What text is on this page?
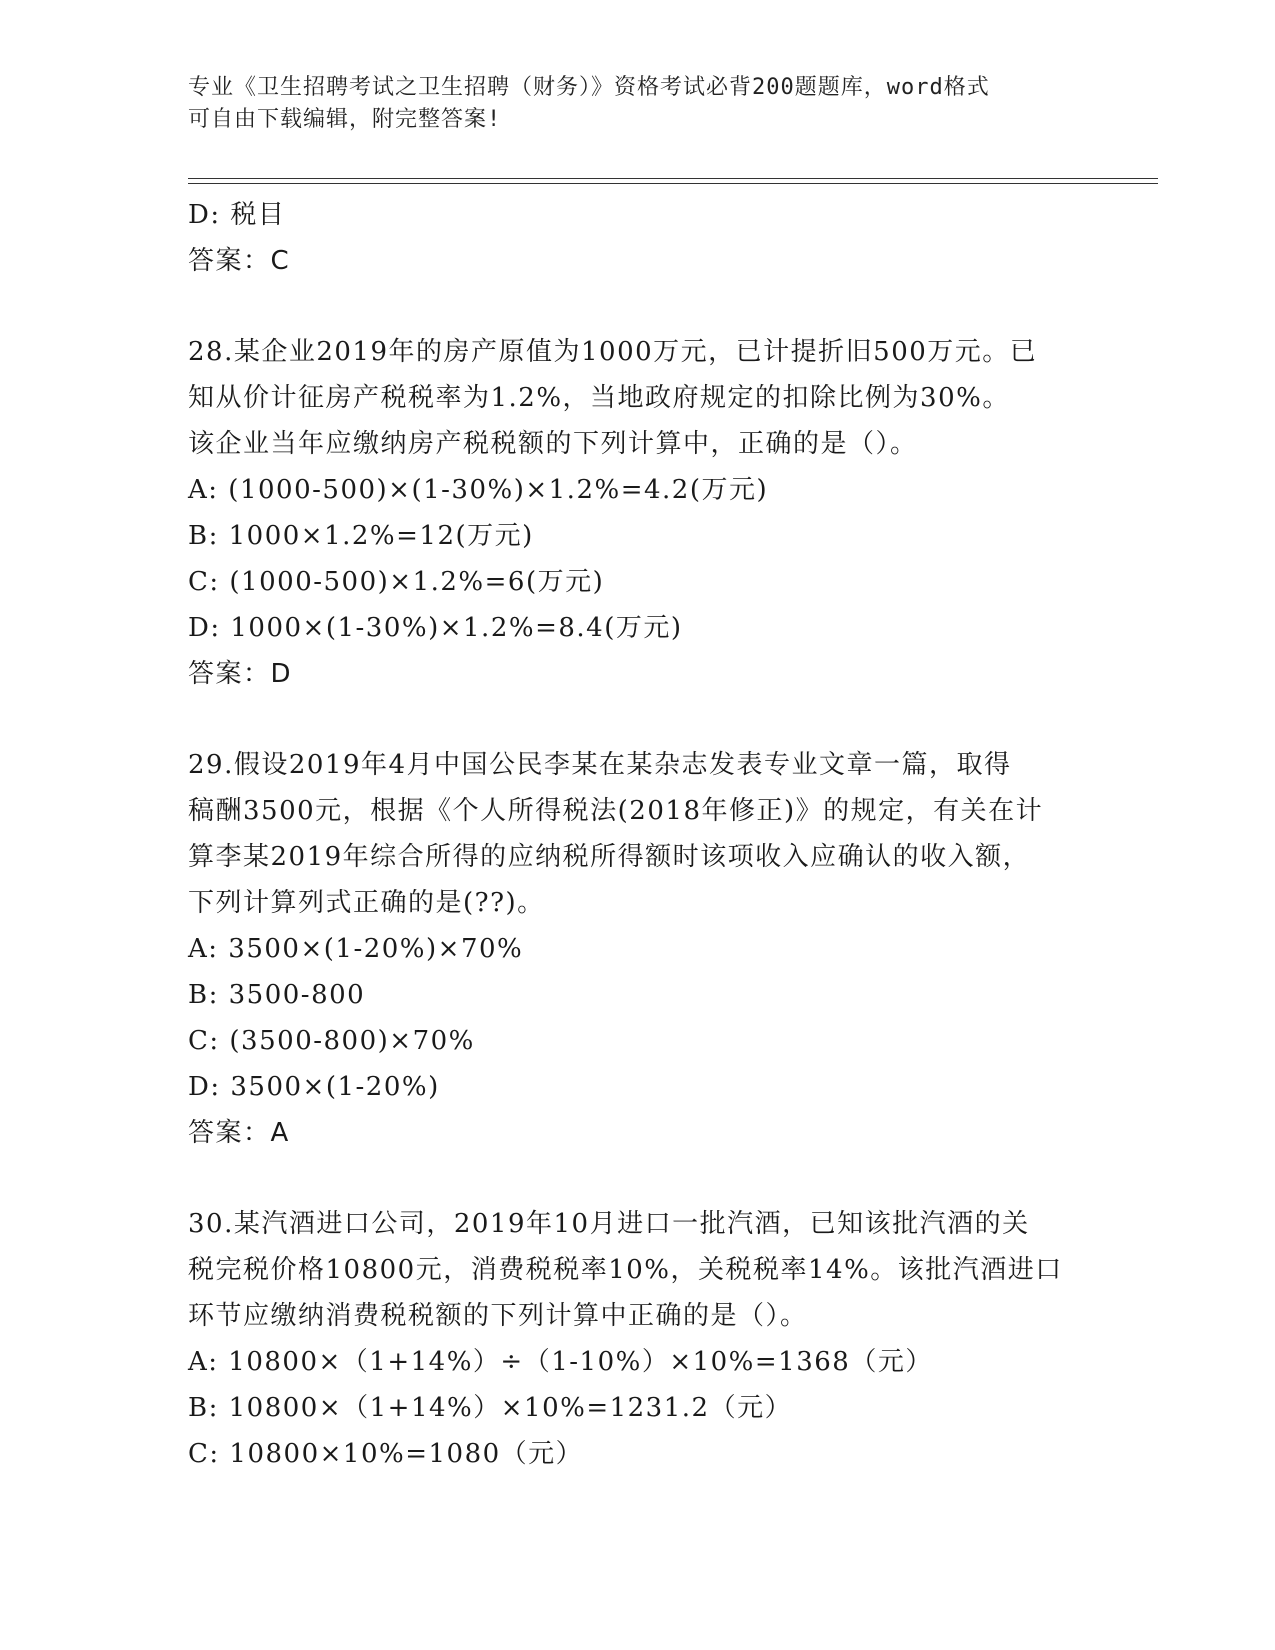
专业《卫生招聘考试之卫生招聘（财务）》资格考试必背200题题库，word格式
可自由下载编辑，附完整答案!
D: 税目
答案：C
28.某企业2019年的房产原值为1000万元，已计提折旧500万元。已
知从价计征房产税税率为1.2%，当地政府规定的扣除比例为30%。
该企业当年应缴纳房产税税额的下列计算中，正确的是（）。
A: (1000-500)×(1-30%)×1.2%=4.2(万元)
B: 1000×1.2%=12(万元)
C: (1000-500)×1.2%=6(万元)
D: 1000×(1-30%)×1.2%=8.4(万元)
答案：D
29.假设2019年4月中国公民李某在某杂志发表专业文章一篇，取得
稿酬3500元，根据《个人所得税法(2018年修正)》的规定，有关在计
算李某2019年综合所得的应纳税所得额时该项收入应确认的收入额，
下列计算列式正确的是(??)。
A: 3500×(1-20%)×70%
B: 3500-800
C: (3500-800)×70%
D: 3500×(1-20%)
答案：A
30.某汽酒进口公司，2019年10月进口一批汽酒，已知该批汽酒的关
税完税价格10800元，消费税税率10%，关税税率14%。该批汽酒进口
环节应缴纳消费税税额的下列计算中正确的是（）。
A: 10800×（1+14%）÷（1-10%）×10%=1368（元）
B: 10800×（1+14%）×10%=1231.2（元）
C: 10800×10%=1080（元）
